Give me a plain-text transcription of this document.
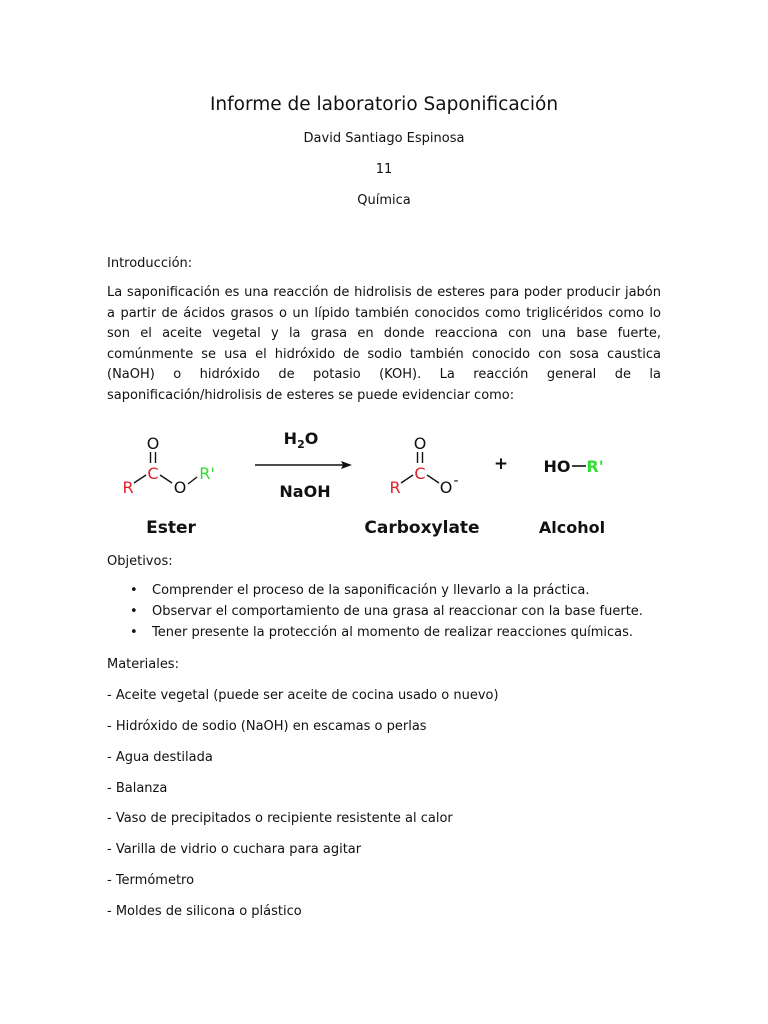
Informe de laboratorio Saponificación
David Santiago Espinosa
11
Química
Introducción:

La saponificación es una reacción de hidrolisis de esteres para poder producir jabón a partir de ácidos grasos o un lípido también conocidos como triglicéridos como lo son el aceite vegetal y la grasa en donde reacciona con una base fuerte, comúnmente se usa el hidróxido de sodio también conocido con sosa caustica (NaOH) o hidróxido de potasio (KOH). La reacción general de la saponificación/hidrolisis de esteres se puede evidenciar como:

O
C
R	O
R'
Ester
$H_2O$
NaOH
O
C
R O -
Carboxylate
+ HO R'
Alcohol
Objetivos:
• Comprender el proceso de la saponificación y llevarlo a la práctica.
• Observar el comportamiento de una grasa al reaccionar con la base fuerte.
• Tener presente la protección al momento de realizar reacciones químicas.
Materiales:
- Aceite vegetal (puede ser aceite de cocina usado o nuevo)
- Hidróxido de sodio (NaOH) en escamas o perlas
- Agua destilada
- Balanza
- Vaso de precipitados o recipiente resistente al calor
- Varilla de vidrio o cuchara para agitar
- Termómetro
- Moldes de silicona o plástico
